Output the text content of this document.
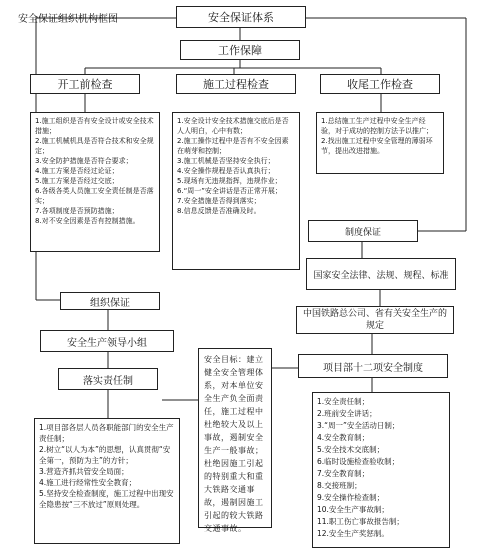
安全保证组织机构框图	安全保证体系
工作保障
开工前检查

1.施工组织是否有安全设计或安全技术措施；

2.施工机械机具是否符合技术和安全规定；

3.安全防护措施是否符合要求；

4.施工方案是否经过论证；

5.施工方案是否经过交底；

6.各级各类人员施工安全责任制是否落实；

7.各项制度是否预防措施；

8.对不安全因素是否有控制措施。

施工过程检查

1.安全设计安全技术措施交底后是否人人明白，心中有数；

2.施工操作过程中是否有不安全因素在萌芽和控制；

3.施工机械是否坚持安全执行；

4.安全操作规程是否认真执行；

5.现场有无违规指挥，违规作业；

6.“周一”安全讲话是否正常开展；

7.安全措施是否得到落实；

8.信息反馈是否准确及时。

收尾工作检查

1.总结施工生产过程中安全生产经验，对于成功的控制方法予以推广；

2.找出施工过程中安全管理的薄弱环节，提出改进措施。

制度保证
国家安全法律、法规、规程、标准
中国铁路总公司、省有关安全生产的规定
项目部十二项安全制度

1.安全责任制；

2.班前安全讲话；

3.“周一”安全活动日制；

4.安全教育制；

5.安全技术交底制；

6.临时设施检查验收制；

7.安全教育制；

8.交接班制；

9.安全操作检查制；

10.安全生产事故制；

11.职工伤亡事故报告制；

12.安全生产奖惩制。

组织保证
安全生产领导小组
落实责任制

1.项目部各层人员各职能部门的安全生产责任制；

2.树立“以人为本”的思想，认真贯彻“安全第一，预防为主”的方针；

3.营造齐抓共管安全局面；

4.施工进行经常性安全教育；

5.坚持安全检查制度，施工过程中出现安全隐患按“三不放过”原则处理。

安全目标：建立健全安全管理体系，对本单位安全生产负全面责任，施工过程中杜绝较大及以上事故，遏制安全生产一般事故；杜绝因施工引起的特别重大和重大铁路交通事故，遏制因施工引起的较大铁路交通事故。
